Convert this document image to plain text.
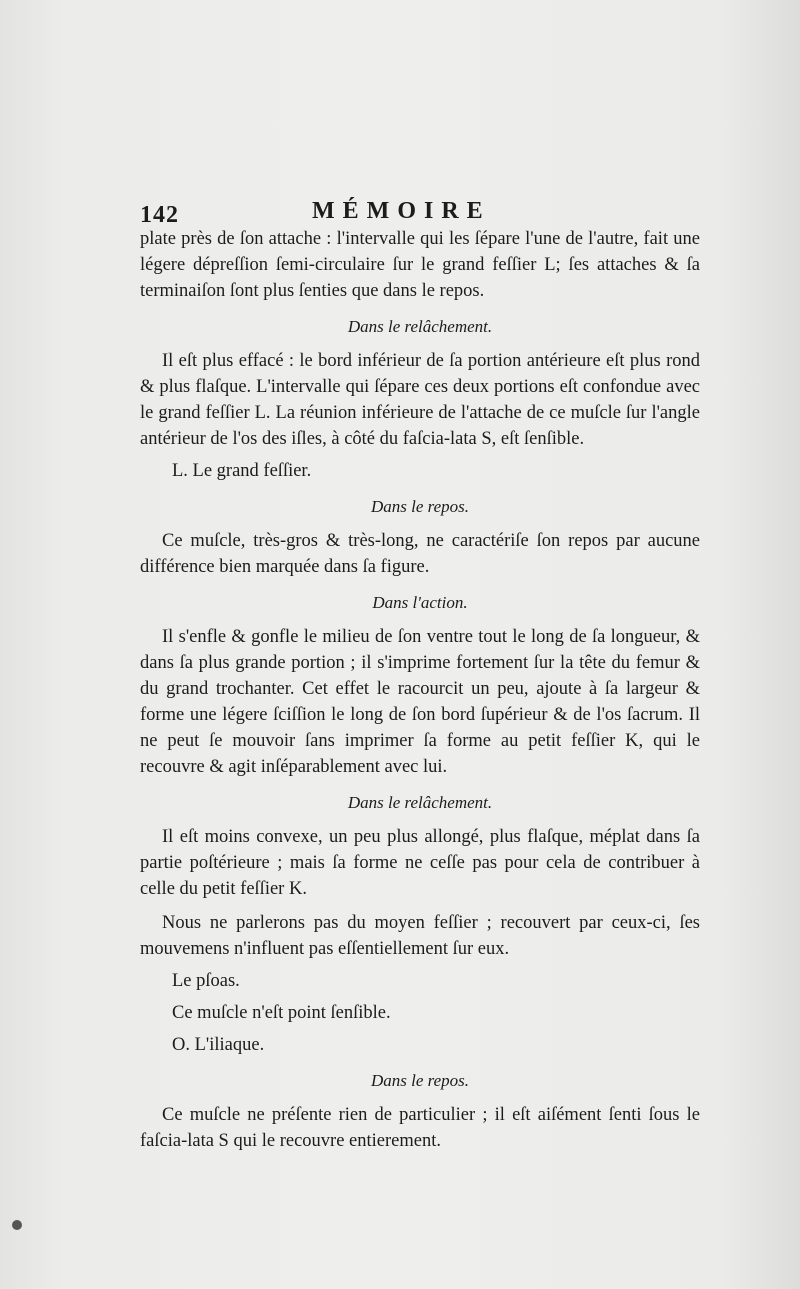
142	MÉMOIRE

plate près de ſon attache : l'intervalle qui les ſépare l'une de l'autre, fait une légere dépreſſion ſemi-circulaire ſur le grand feſſier L; ſes attaches & ſa terminaiſon ſont plus ſenties que dans le repos.

Dans le relâchement.

Il eſt plus effacé : le bord inférieur de ſa portion antérieure eſt plus rond & plus flaſque. L'intervalle qui ſépare ces deux portions eſt confondue avec le grand feſſier L. La réunion inférieure de l'attache de ce muſcle ſur l'angle antérieur de l'os des iſles, à côté du faſcia-lata S, eſt ſenſible.

L. Le grand feſſier.

Dans le repos.

Ce muſcle, très-gros & très-long, ne caractériſe ſon repos par aucune différence bien marquée dans ſa figure.

Dans l'action.

Il s'enfle & gonfle le milieu de ſon ventre tout le long de ſa longueur, & dans ſa plus grande portion ; il s'imprime fortement ſur la tête du femur & du grand trochanter. Cet effet le racourcit un peu, ajoute à ſa largeur & forme une légere ſciſſion le long de ſon bord ſupérieur & de l'os ſacrum. Il ne peut ſe mouvoir ſans imprimer ſa forme au petit feſſier K, qui le recouvre & agit inſéparablement avec lui.

Dans le relâchement.

Il eſt moins convexe, un peu plus allongé, plus flaſque, méplat dans ſa partie poſtérieure ; mais ſa forme ne ceſſe pas pour cela de contribuer à celle du petit feſſier K.

Nous ne parlerons pas du moyen feſſier ; recouvert par ceux-ci, ſes mouvemens n'influent pas eſſentiellement ſur eux.

Le pſoas.

Ce muſcle n'eſt point ſenſible.

O. L'iliaque.

Dans le repos.

Ce muſcle ne préſente rien de particulier ; il eſt aiſément ſenti ſous le faſcia-lata S qui le recouvre entierement.
